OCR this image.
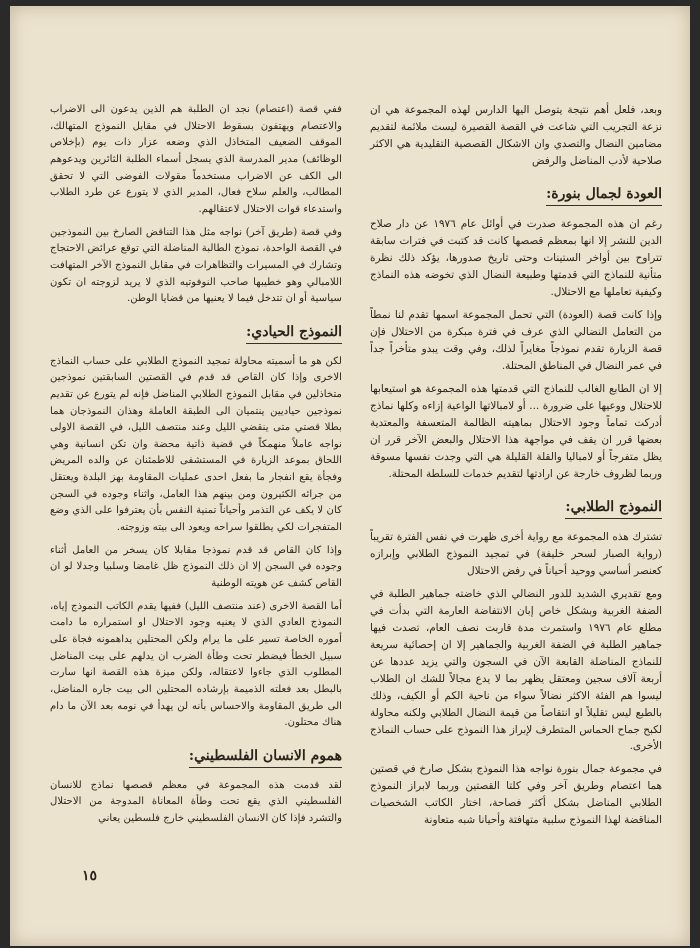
وبعد، فلعل أهم نتيجة يتوصل اليها الدارس لهذه المجموعة هي ان نزعة التجريب التي شاعت في القصة القصيرة ليست ملائمة لتقديم مضامين النضال والتصدي وان الاشكال القصصية التقليدية هي الاكثر صلاحية لأدب المناضل والرفض

العودة لجمال بنورة:

رغم ان هذه المجموعة صدرت في أوائل عام ١٩٧٦ عن دار صلاح الدين للنشر إلا انها بمعظم قصصها كانت قد كتبت في فترات سابقة تتراوح بين أواخر الستينات وحتى تاريخ صدورها، يؤكد ذلك نظرة متأنية للنماذج التي قدمتها وطبيعة النضال الذي تخوضه هذه النماذج وكيفية تعاملها مع الاحتلال.

وإذا كانت قصة (العودة) التي تحمل المجموعة اسمها تقدم لنا نمطاً من التعامل النضالي الذي عرف في فترة مبكرة من الاحتلال فإن قصة الزيارة تقدم نموذجاً مغايراً لذلك، وفي وقت يبدو متأخراً جداً في عمر النضال في المناطق المحتلة.

إلا ان الطابع الغالب للنماذج التي قدمتها هذه المجموعة هو استيعابها للاحتلال ووعيها على ضرورة ... أو لامبالاتها الواعية إزاءه وكلها نماذج أدركت تماماً وجود الاحتلال بماهيته الظالمة المتعسفة والمعتدية بعضها قرر ان يقف في مواجهة هذا الاحتلال والبعض الآخر قرر ان يظل متفرجاً أو لامباليا والقلة القليلة هي التي وجدت نفسها مسوقة وربما لظروف خارجة عن ارادتها لتقديم خدمات للسلطة المحتلة.

النموذج الطلابي:

تشترك هذه المجموعة مع رواية أخرى ظهرت في نفس الفترة تقريباً (رواية الصبار لسحر خليفة) في تمجيد النموذج الطلابي وإبرازه كعنصر أساسي ووحيد أحياناً في رفض الاحتلال

ومع تقديري الشديد للدور النضالي الذي خاضته جماهير الطلبة في الضفة الغربية وبشكل خاص إبان الانتفاضة العارمة التي بدأت في مطلع عام ١٩٧٦ واستمرت مدة قاربت نصف العام، تصدت فيها جماهير الطلبة في الضفة الغربية والجماهير إلا ان إحصائية سريعة للنماذج المناضلة القابعة الآن في السجون والتي يزيد عددها عن أربعة آلاف سجين ومعتقل يظهر بما لا يدع مجالاً للشك ان الطلاب ليسوا هم الفئة الاكثر نضالاً سواء من ناحية الكم أو الكيف، وذلك بالطبع ليس تقليلاً او انتقاصاً من قيمة النضال الطلابي ولكنه محاولة لكبح جماح الحماس المتطرف لإبراز هذا النموذج على حساب النماذج الأخرى.

في مجموعة جمال بنورة نواجه هذا النموذج بشكل صارخ في قصتين هما اعتصام وطريق آخر وفي كلتا القصتين وربما لابراز النموذج الطلابي المناضل بشكل أكثر فصاحة، اختار الكاتب الشخصيات المناقضة لهذا النموذج سلبية متهافتة وأحيانا شبه متعاونة

ففي قصة (اعتصام) نجد ان الطلبة هم الذين يدعون الى الاضراب والاعتصام ويهتفون بسقوط الاحتلال في مقابل النموذج المتهالك، الموقف الضعيف المتخاذل الذي وضعه عزار ذات يوم (بإخلاص الوظائف) مدير المدرسة الذي يسجل أسماء الطلبة الثائرين ويدعوهم الى الكف عن الاضراب مستخدماً مقولات الفوضى التي لا تحقق المطالب، والعلم سلاح فعال، المدير الذي لا يتورع عن طرد الطلاب واستدعاء قوات الاحتلال لاعتقالهم.

وفي قصة (طريق آخر) نواجه مثل هذا التناقض الصارخ بين النموذجين في القصة الواحدة، نموذج الطالبة المناضلة التي توقع عرائض الاحتجاج وتشارك في المسيرات والتظاهرات في مقابل النموذج الآخر المتهافت اللامبالي وهو خطيبها صاحب النوفوتيه الذي لا يريد لزوجته ان تكون سياسية أو ان تتدخل فيما لا يعنيها من قضايا الوطن.

النموذج الحيادي:

لكن هو ما أسميته محاولة تمجيد النموذج الطلابي على حساب النماذج الاخرى وإذا كان القاص قد قدم في القصتين السابقتين نموذجين متخاذلين في مقابل النموذج الطلابي المناضل فإنه لم يتورع عن تقديم نموذجين حياديين ينتميان الى الطبقة العاملة وهذان النموذجان هما بطلا قصتي متى ينقضي الليل وعند منتصف الليل، في القصة الاولى نواجه عاملاً منهمكاً في قضية ذاتية محضة وان تكن انسانية وهي اللحاق بموعد الزيارة في المستشفى للاطمئنان عن والده المريض وفجأة يقع انفجار ما بفعل احدى عمليات المقاومة بهز البلدة ويعتقل من جرائه الكثيرون ومن بينهم هذا العامل، واثناء وجوده في السجن كان لا يكف عن التذمر وأحياناً تمنية النفس بأن يعترفوا على الذي وضع المتفجرات لكي يطلقوا سراحه ويعود الى بيته وزوجته.

وإذا كان القاص قد قدم نموذجا مقابلا كان يسخر من العامل أثناء وجوده في السجن إلا ان ذلك النموذج ظل غامضا وسلبيا وجدلا لو ان القاص كشف عن هويته الوطنية

أما القصة الاخرى (عند منتصف الليل) ففيها يقدم الكاتب النموذج إياه، النموذج العادي الذي لا يعنيه وجود الاحتلال او استمراره ما دامت أموره الخاصة تسير على ما يرام ولكن المحتلين يداهمونه فجاة على سبيل الخطأ فيضطر تحت وطأة الضرب ان يدلهم على بيت المناضل المطلوب الذي جاءوا لاعتقاله، ولكن ميزة هذه القصة انها سارت بالبطل بعد فعلته الذميمة بإرشاده المحتلين الى بيت جاره المناضل، الى طريق المقاومة والاحساس بأنه لن يهدأ في نومه بعد الآن ما دام هناك محتلون.

هموم الانسان الفلسطيني:

لقد قدمت هذه المجموعة في معظم قصصها نماذج للانسان الفلسطيني الذي يقع تحت وطأة المعاناة المدوجة من الاحتلال والتشرد فإذا كان الانسان الفلسطيني خارج فلسطين يعاني

١٥
